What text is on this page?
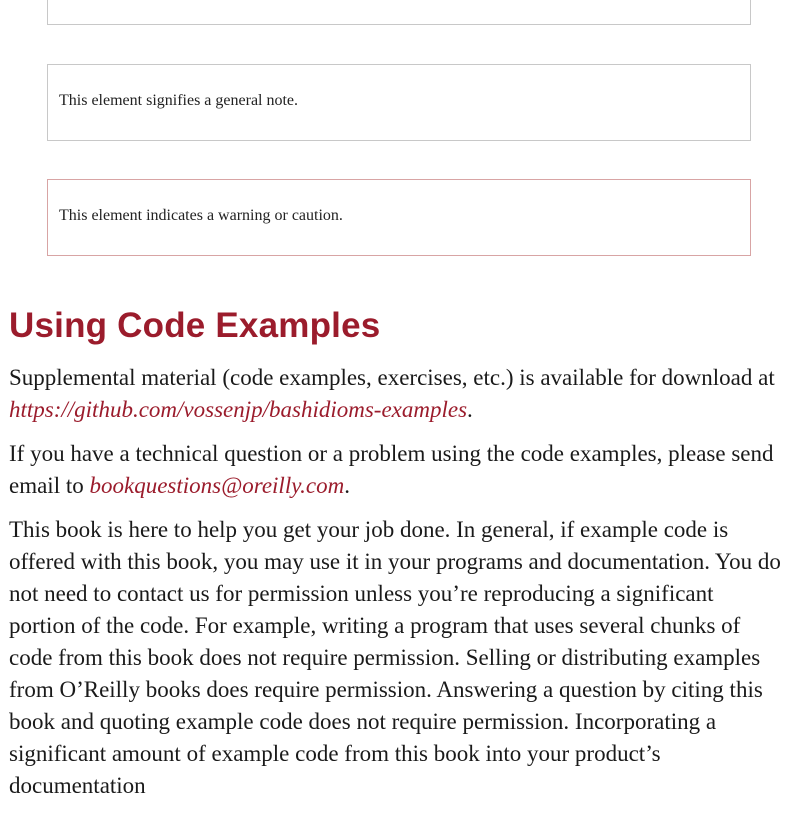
This element signifies a general note.

This element indicates a warning or caution.

Using Code Examples

Supplemental material (code examples, exercises, etc.) is available for download at https://github.com/vossenjp/bashidioms-examples.

If you have a technical question or a problem using the code examples, please send email to bookquestions@oreilly.com.

This book is here to help you get your job done. In general, if example code is offered with this book, you may use it in your programs and documentation. You do not need to contact us for permission unless you’re reproducing a significant portion of the code. For example, writing a program that uses several chunks of code from this book does not require permission. Selling or distributing examples from O’Reilly books does require permission. Answering a question by citing this book and quoting example code does not require permission. Incorporating a significant amount of example code from this book into your product’s documentation
